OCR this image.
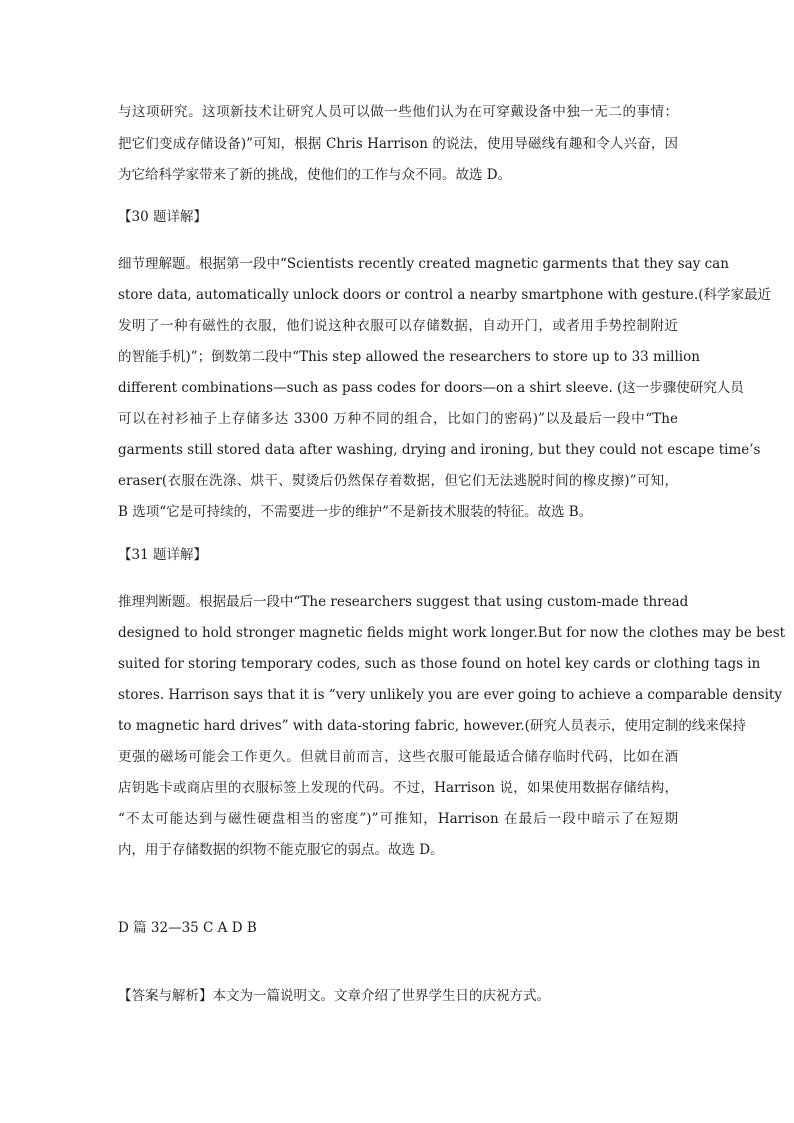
与这项研究。这项新技术让研究人员可以做一些他们认为在可穿戴设备中独一无二的事情：
把它们变成存储设备)”可知，根据 Chris Harrison 的说法，使用导磁线有趣和令人兴奋，因
为它给科学家带来了新的挑战，使他们的工作与众不同。故选 D。
【30 题详解】
细节理解题。根据第一段中“Scientists recently created magnetic garments that they say can
store data, automatically unlock doors or control a nearby smartphone with gesture.(科学家最近
发明了一种有磁性的衣服，他们说这种衣服可以存储数据，自动开门，或者用手势控制附近
的智能手机)”；倒数第二段中“This step allowed the researchers to store up to 33 million
different combinations—such as pass codes for doors—on a shirt sleeve. (这一步骤使研究人员
可以在衬衫袖子上存储多达 3300 万种不同的组合，比如门的密码)”以及最后一段中“The
garments still stored data after washing, drying and ironing, but they could not escape time’s
eraser(衣服在洗涤、烘干、熨烫后仍然保存着数据，但它们无法逃脱时间的橡皮擦)”可知，
B 选项“它是可持续的，不需要进一步的维护”不是新技术服装的特征。故选 B。
【31 题详解】
推理判断题。根据最后一段中“The researchers suggest that using custom-made thread
designed to hold stronger magnetic fields might work longer.But for now the clothes may be best
suited for storing temporary codes, such as those found on hotel key cards or clothing tags in
stores. Harrison says that it is “very unlikely you are ever going to achieve a comparable density
to magnetic hard drives” with data-storing fabric, however.(研究人员表示，使用定制的线来保持
更强的磁场可能会工作更久。但就目前而言，这些衣服可能最适合储存临时代码，比如在酒
店钥匙卡或商店里的衣服标签上发现的代码。不过，Harrison 说，如果使用数据存储结构，
“不太可能达到与磁性硬盘相当的密度”)”可推知，Harrison 在最后一段中暗示了在短期
内，用于存储数据的织物不能克服它的弱点。故选 D。
D 篇 32—35 C A D B
【答案与解析】本文为一篇说明文。文章介绍了世界学生日的庆祝方式。
